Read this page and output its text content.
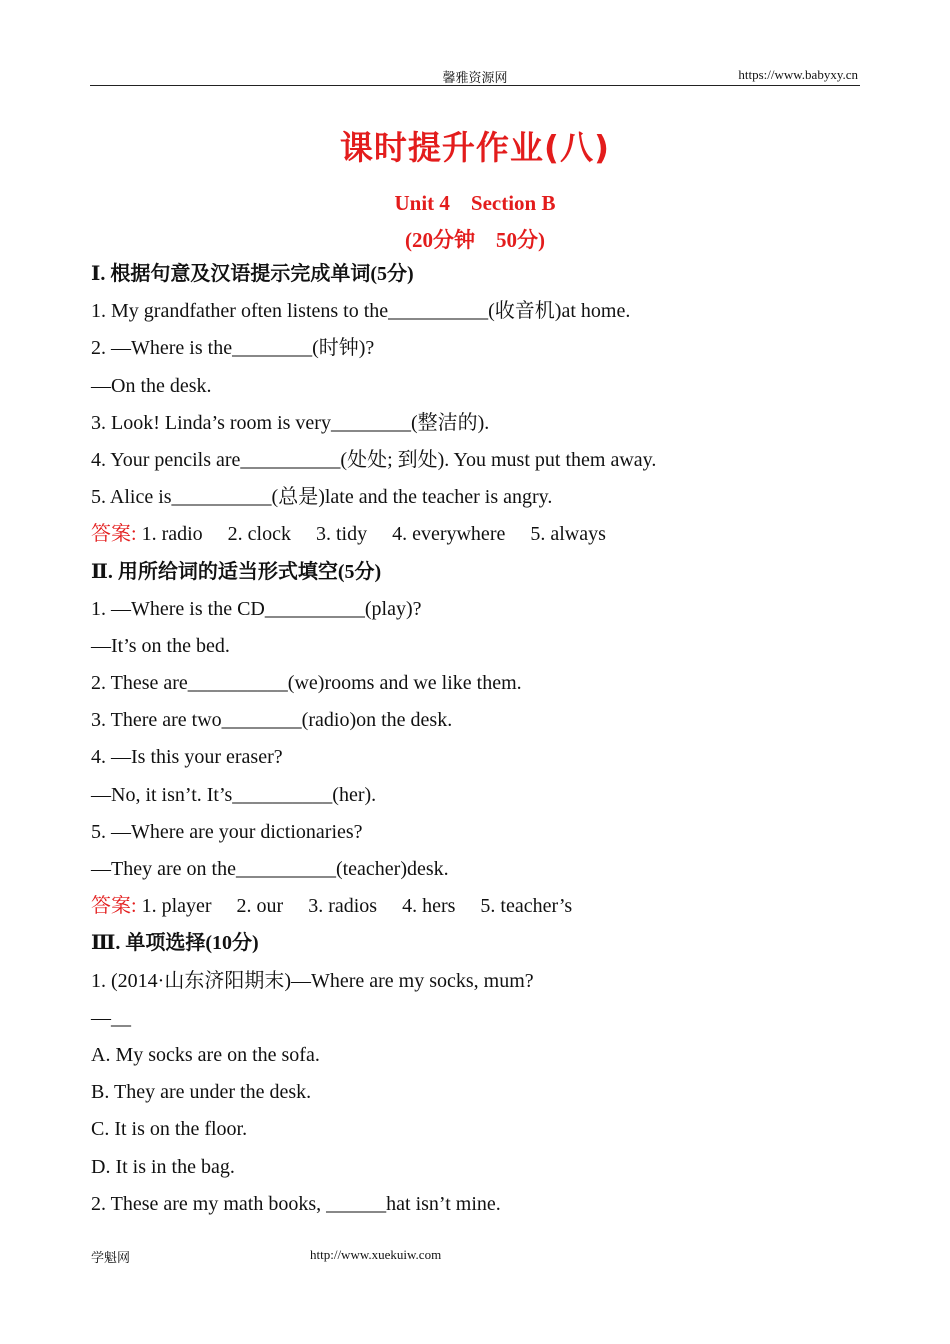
馨雅资源网	https://www.babyxy.cn
课时提升作业(八)
Unit 4　Section B
(20分钟　50分)
Ⅰ. 根据句意及汉语提示完成单词(5分)
1. My grandfather often listens to the__________(收音机)at home.
2. —Where is the________(时钟)?
—On the desk.
3. Look! Linda’s room is very________(整洁的).
4. Your pencils are__________(处处; 到处). You must put them away.
5. Alice is__________(总是)late and the teacher is angry.
答案: 1. radio　 2. clock　 3. tidy　 4. everywhere　 5. always
Ⅱ. 用所给词的适当形式填空(5分)
1. —Where is the CD__________(play)?
—It’s on the bed.
2. These are__________(we)rooms and we like them.
3. There are two________(radio)on the desk.
4. —Is this your eraser?
—No, it isn’t. It’s__________(her).
5. —Where are your dictionaries?
—They are on the__________(teacher)desk.
答案: 1. player　 2. our　 3. radios　 4. hers　 5. teacher’s
Ⅲ. 单项选择(10分)
1. (2014·山东济阳期末)—Where are my socks, mum?
—__
A. My socks are on the sofa.
B. They are under the desk.
C. It is on the floor.
D. It is in the bag.
2. These are my math books, ______hat isn’t mine.
学魁网	http://www.xuekuiw.com
